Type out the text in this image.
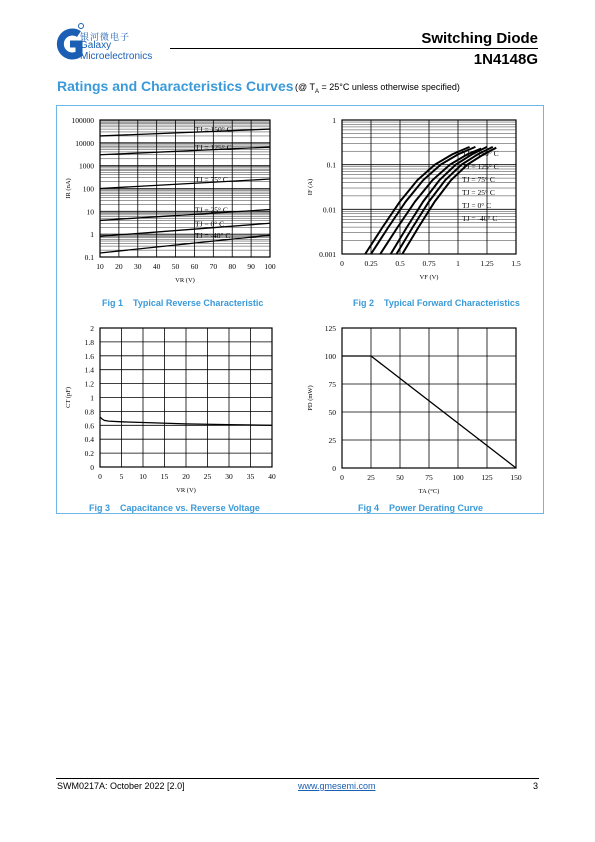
银河微电子
Galaxy
Microelectronics
Switching Diode
1N4148G
Ratings and Characteristics Curves (@ $T_A = 25^\circ C$ unless otherwise specified)
10 20 30 40 50 60 70 80 90 100
0.1
1
10
100
1000
10000
100000
VR (V)
IR (nA)
TJ = 150° C
TJ = 125° C
TJ = 75° C
TJ = 25° C
TJ = 0° C
TJ = -40° C
0	0.25 0.5 0.75	1	1.25 1.5
0.001
0.01
0.1
1
VF (V)
IF (A)
TJ = 150° C
TJ = 125° C
TJ = 75° C
TJ = 25° C
TJ = 0° C
TJ = -40° C
0 5 10 15 20 25 30 35 40
0
0.2
0.4
0.6
0.8
1
1.2
1.4
1.6
1.8
2
VR (V)
CT (pF)
0	25	50	75	100 125 150
0
25
50
75
100
125
TA (°C)
PD (mW)
Fig 1    Typical Reverse Characteristic	Fig 2    Typical Forward Characteristics
Fig 3    Capacitance vs. Reverse Voltage	Fig 4    Power Derating Curve
SWM0217A: October 2022 [2.0]	www.gmesemi.com	3
